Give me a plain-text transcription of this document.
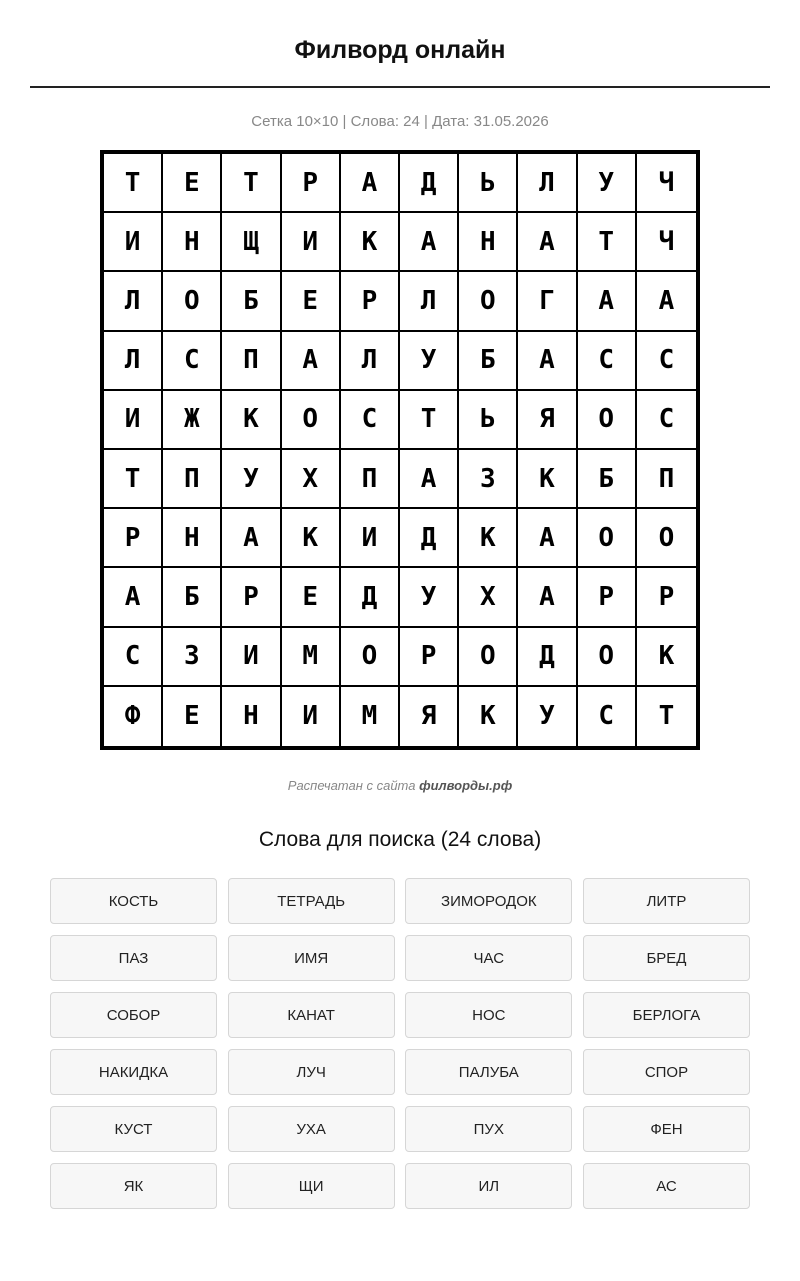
Филворд онлайн
Сетка 10×10 | Слова: 24 | Дата: 31.05.2026
Т	Е	Т	Р	А	Д	Ь	Л	У	Ч
И	Н	Щ	И	К	А	Н	А	Т	Ч
Л	О	Б	Е	Р	Л	О	Г	А	А
Л	С	П	А	Л	У	Б	А	С	С
И	Ж	К	О	С	Т	Ь	Я	О	С
Т	П	У	Х	П	А	З	К	Б	П
Р	Н	А	К	И	Д	К	А	О	О
А	Б	Р	Е	Д	У	Х	А	Р	Р
С	З	И	М	О	Р	О	Д	О	К
Ф	Е	Н	И	М	Я	К	У	С	Т
Распечатан с сайта филворды.рф
Слова для поиска (24 слова)
КОСТЬ	ТЕТРАДЬ	ЗИМОРОДОК	ЛИТР
ПАЗ	ИМЯ	ЧАС	БРЕД
СОБОР	КАНАТ	НОС	БЕРЛОГА
НАКИДКА	ЛУЧ	ПАЛУБА	СПОР
КУСТ	УХА	ПУХ	ФЕН
ЯК	ЩИ	ИЛ	АС
